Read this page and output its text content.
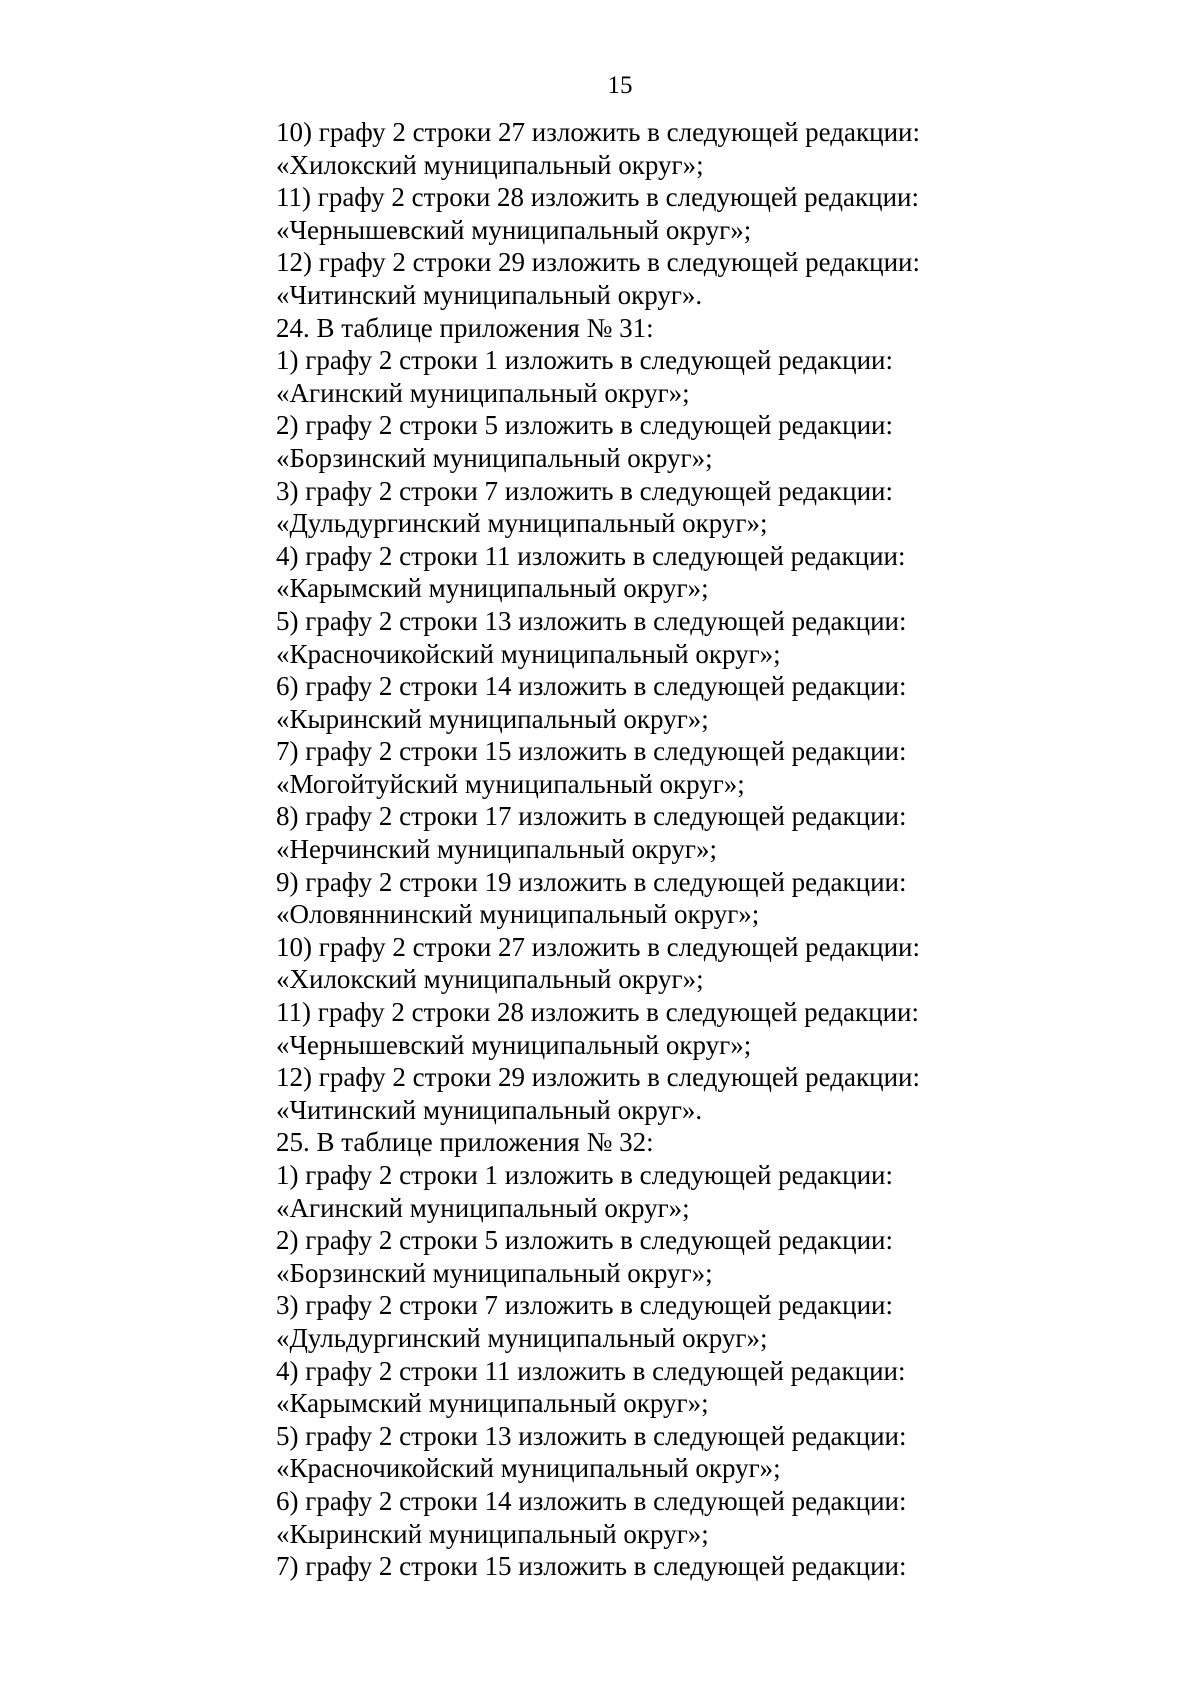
15
10) графу 2 строки 27 изложить в следующей редакции:
«Хилокский муниципальный округ»;
11) графу 2 строки 28 изложить в следующей редакции:
«Чернышевский муниципальный округ»;
12) графу 2 строки 29 изложить в следующей редакции:
«Читинский муниципальный округ».
24. В таблице приложения № 31:
1) графу 2 строки 1 изложить в следующей редакции:
«Агинский муниципальный округ»;
2) графу 2 строки 5 изложить в следующей редакции:
«Борзинский муниципальный округ»;
3) графу 2 строки 7 изложить в следующей редакции:
«Дульдургинский муниципальный округ»;
4) графу 2 строки 11 изложить в следующей редакции:
«Карымский муниципальный округ»;
5) графу 2 строки 13 изложить в следующей редакции:
«Красночикойский муниципальный округ»;
6) графу 2 строки 14 изложить в следующей редакции:
«Кыринский муниципальный округ»;
7) графу 2 строки 15 изложить в следующей редакции:
«Могойтуйский муниципальный округ»;
8) графу 2 строки 17 изложить в следующей редакции:
«Нерчинский муниципальный округ»;
9) графу 2 строки 19 изложить в следующей редакции:
«Оловяннинский муниципальный округ»;
10) графу 2 строки 27 изложить в следующей редакции:
«Хилокский муниципальный округ»;
11) графу 2 строки 28 изложить в следующей редакции:
«Чернышевский муниципальный округ»;
12) графу 2 строки 29 изложить в следующей редакции:
«Читинский муниципальный округ».
25. В таблице приложения № 32:
1) графу 2 строки 1 изложить в следующей редакции:
«Агинский муниципальный округ»;
2) графу 2 строки 5 изложить в следующей редакции:
«Борзинский муниципальный округ»;
3) графу 2 строки 7 изложить в следующей редакции:
«Дульдургинский муниципальный округ»;
4) графу 2 строки 11 изложить в следующей редакции:
«Карымский муниципальный округ»;
5) графу 2 строки 13 изложить в следующей редакции:
«Красночикойский муниципальный округ»;
6) графу 2 строки 14 изложить в следующей редакции:
«Кыринский муниципальный округ»;
7) графу 2 строки 15 изложить в следующей редакции:
